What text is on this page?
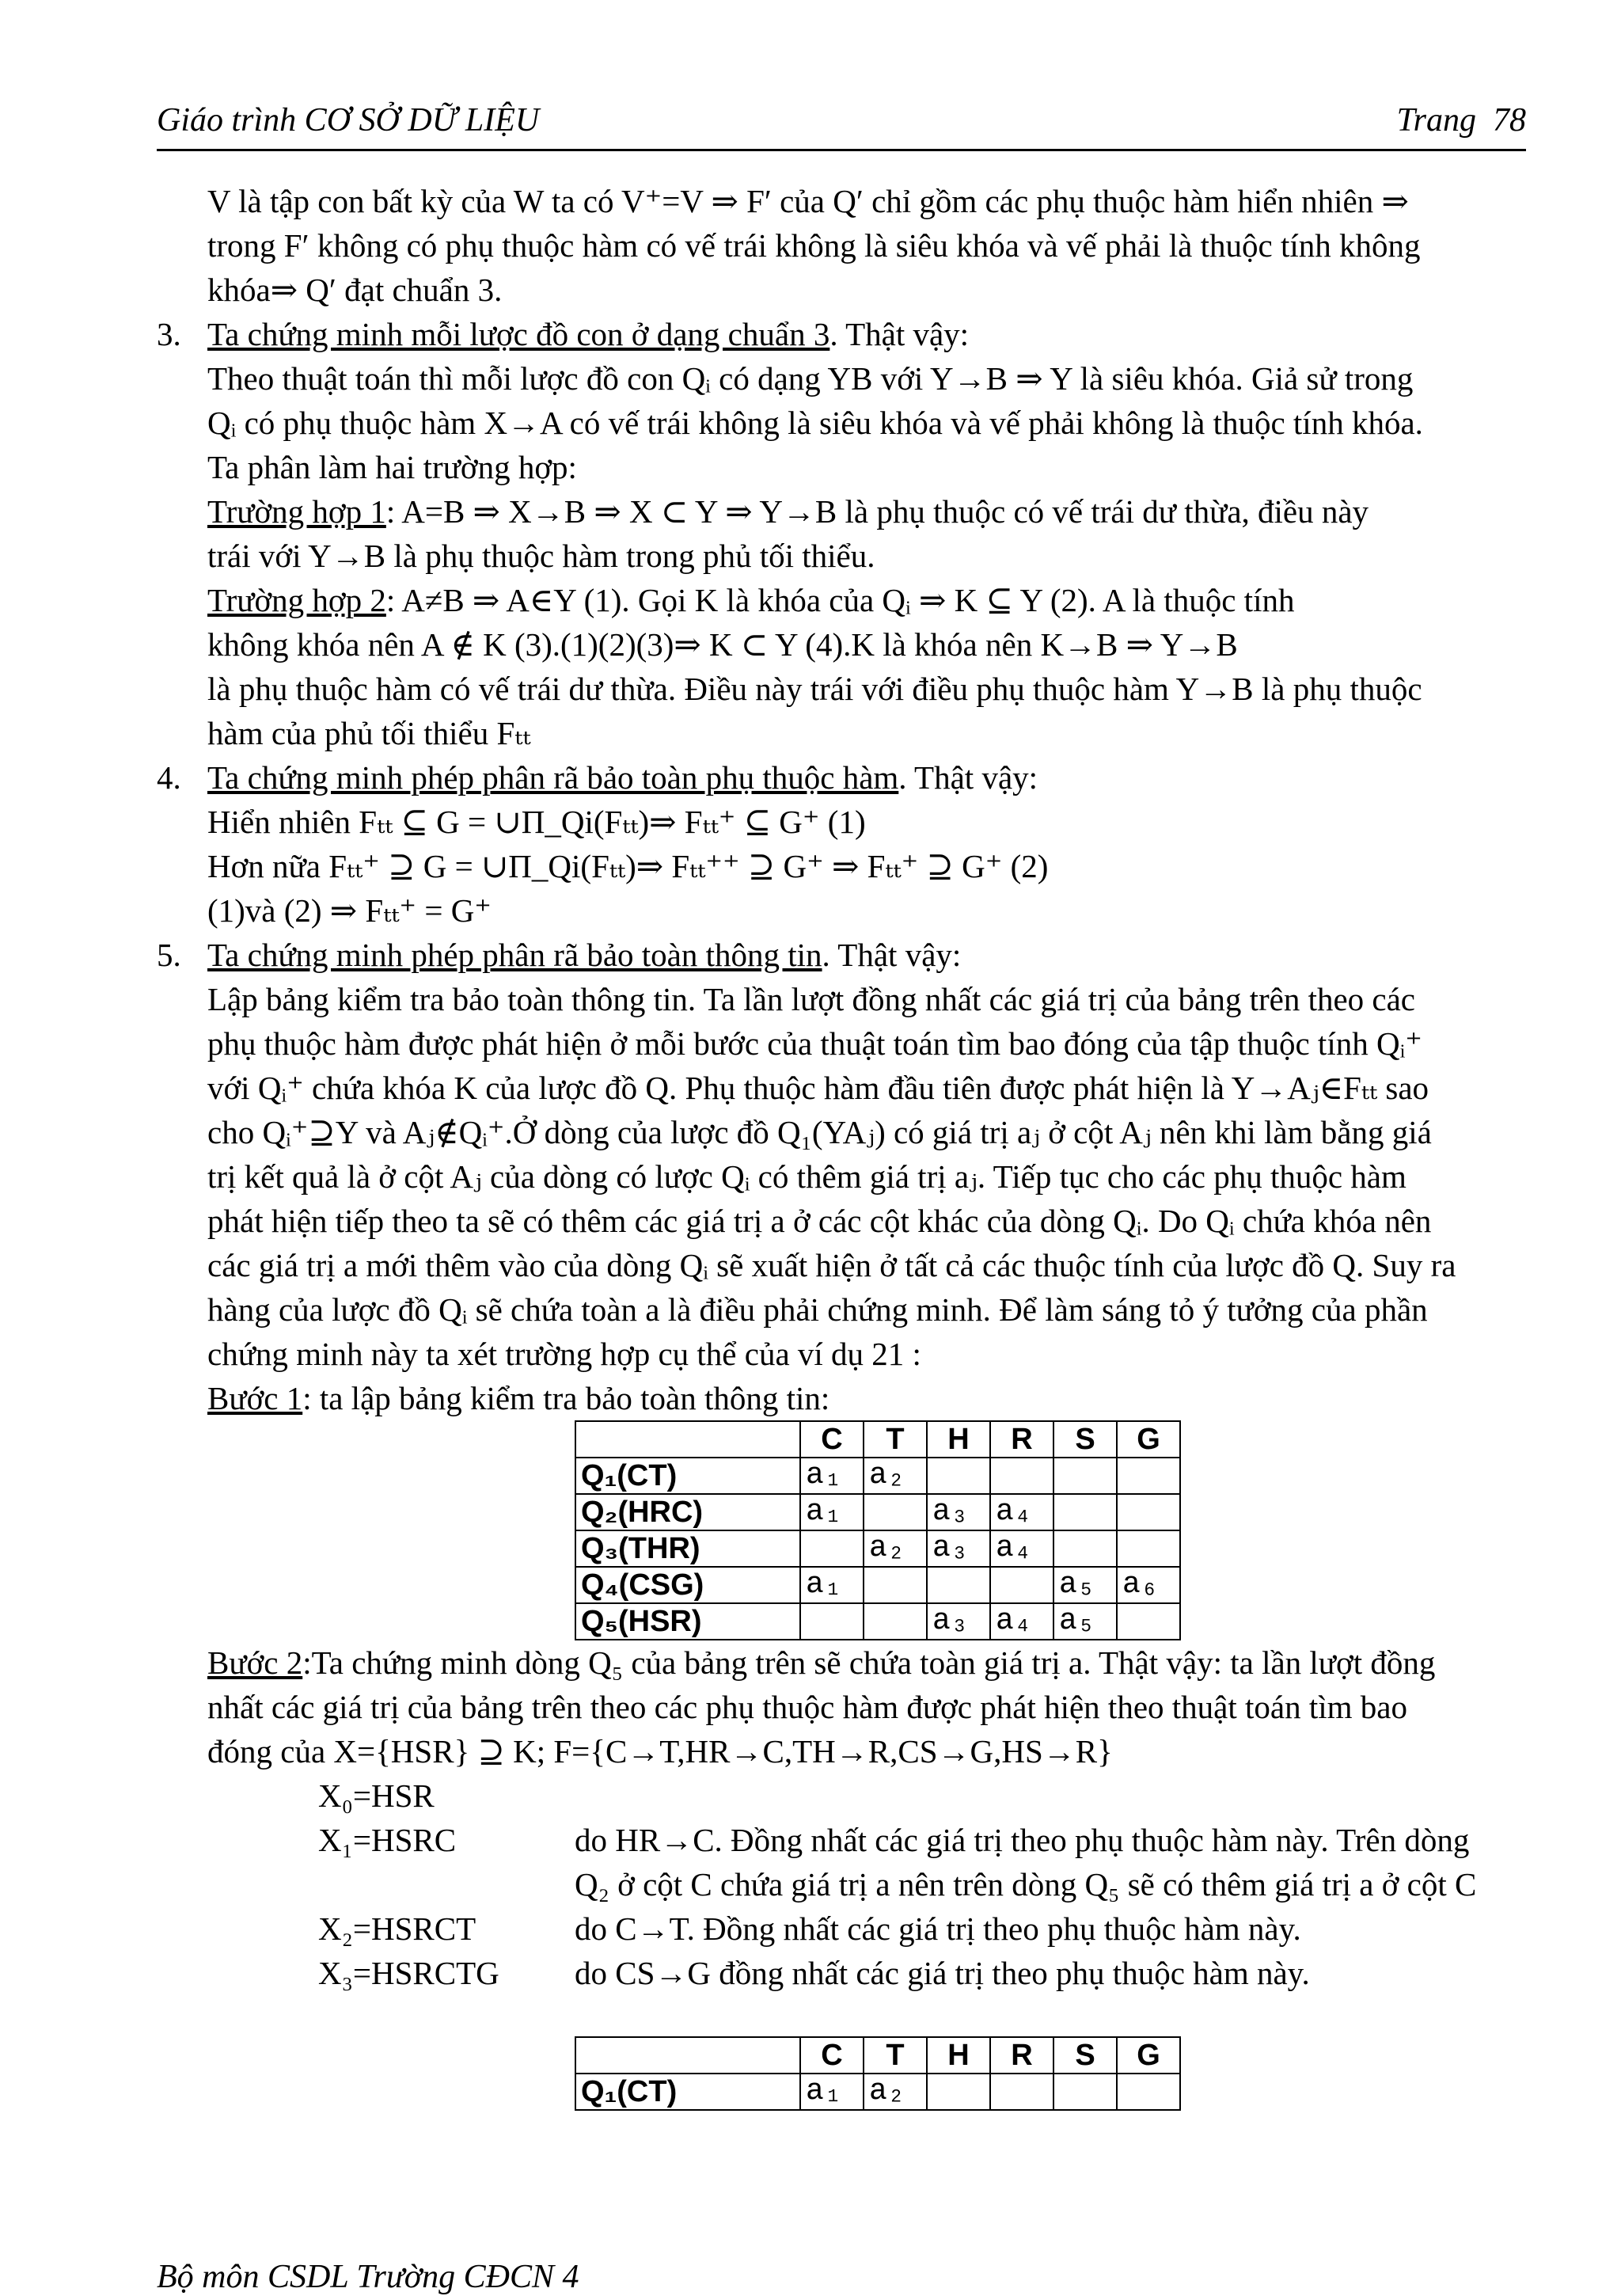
Giáo trình CƠ SỞ DỮ LIỆU	Trang 78
V là tập con bất kỳ của W ta có V⁺=V ⇒ F′ của Q′ chỉ gồm các phụ thuộc hàm hiển nhiên ⇒
trong F′ không có phụ thuộc hàm có vế trái không là siêu khóa và vế phải là thuộc tính không
khóa⇒ Q′ đạt chuẩn 3.
3. Ta chứng minh mỗi lược đồ con ở dạng chuẩn 3. Thật vậy:
Theo thuật toán thì mỗi lược đồ con Qᵢ có dạng YB với Y→B ⇒ Y là siêu khóa. Giả sử trong
Qᵢ có phụ thuộc hàm X→A có vế trái không là siêu khóa và vế phải không là thuộc tính khóa.
Ta phân làm hai trường hợp:
Trường hợp 1: A=B ⇒ X→B ⇒ X ⊂ Y ⇒ Y→B là phụ thuộc có vế trái dư thừa, điều này
trái với Y→B là phụ thuộc hàm trong phủ tối thiểu.
Trường hợp 2: A≠B ⇒ A∈Y (1). Gọi K là khóa của Qᵢ ⇒ K ⊆ Y (2). A là thuộc tính
không khóa nên A ∉ K (3).(1)(2)(3)⇒ K ⊂ Y (4).K là khóa nên K→B ⇒ Y→B
là phụ thuộc hàm có vế trái dư thừa. Điều này trái với điều phụ thuộc hàm Y→B là phụ thuộc
hàm của phủ tối thiểu Fₜₜ
4. Ta chứng minh phép phân rã bảo toàn phụ thuộc hàm. Thật vậy:
Hiển nhiên Fₜₜ ⊆ G = ∪Π_Qi(Fₜₜ)⇒ Fₜₜ⁺ ⊆ G⁺ (1)
Hơn nữa Fₜₜ⁺ ⊇ G = ∪Π_Qi(Fₜₜ)⇒ Fₜₜ⁺⁺ ⊇ G⁺ ⇒ Fₜₜ⁺ ⊇ G⁺ (2)
(1)và (2) ⇒ Fₜₜ⁺ = G⁺
5. Ta chứng minh phép phân rã bảo toàn thông tin. Thật vậy:
Lập bảng kiểm tra bảo toàn thông tin. Ta lần lượt đồng nhất các giá trị của bảng trên theo các
phụ thuộc hàm được phát hiện ở mỗi bước của thuật toán tìm bao đóng của tập thuộc tính Qᵢ⁺
với Qᵢ⁺ chứa khóa K của lược đồ Q. Phụ thuộc hàm đầu tiên được phát hiện là Y→Aⱼ∈Fₜₜ sao
cho Qᵢ⁺⊇Y và Aⱼ∉Qᵢ⁺.Ở dòng của lược đồ Q₁(YAⱼ) có giá trị aⱼ ở cột Aⱼ nên khi làm bằng giá
trị kết quả là ở cột Aⱼ của dòng có lược Qᵢ có thêm giá trị aⱼ. Tiếp tục cho các phụ thuộc hàm
phát hiện tiếp theo ta sẽ có thêm các giá trị a ở các cột khác của dòng Qᵢ. Do Qᵢ chứa khóa nên
các giá trị a mới thêm vào của dòng Qᵢ sẽ xuất hiện ở tất cả các thuộc tính của lược đồ Q. Suy ra
hàng của lược đồ Qᵢ sẽ chứa toàn a là điều phải chứng minh. Để làm sáng tỏ ý tưởng của phần
chứng minh này ta xét trường hợp cụ thể của ví dụ 21 :
Bước 1: ta lập bảng kiểm tra bảo toàn thông tin:
	C	T	H	R	S	G
Q₁(CT)	a₁	a₂				
Q₂(HRC)	a₁		a₃	a₄		
Q₃(THR)		a₂	a₃	a₄		
Q₄(CSG)	a₁				a₅	a₆
Q₅(HSR)			a₃	a₄	a₅	
Bước 2:Ta chứng minh dòng Q₅ của bảng trên sẽ chứa toàn giá trị a. Thật vậy: ta lần lượt đồng
nhất các giá trị của bảng trên theo các phụ thuộc hàm được phát hiện theo thuật toán tìm bao
đóng của X={HSR} ⊇ K; F={C→T,HR→C,TH→R,CS→G,HS→R}
X₀=HSR
X₁=HSRC	do HR→C. Đồng nhất các giá trị theo phụ thuộc hàm này. Trên dòng
Q₂ ở cột C chứa giá trị a nên trên dòng Q₅ sẽ có thêm giá trị a ở cột C
X₂=HSRCT	do C→T. Đồng nhất các giá trị theo phụ thuộc hàm này.
X₃=HSRCTG do CS→G đồng nhất các giá trị theo phụ thuộc hàm này.
	C	T	H	R	S	G
Q₁(CT)	a₁	a₂				
Bộ môn CSDL Trường CĐCN 4
